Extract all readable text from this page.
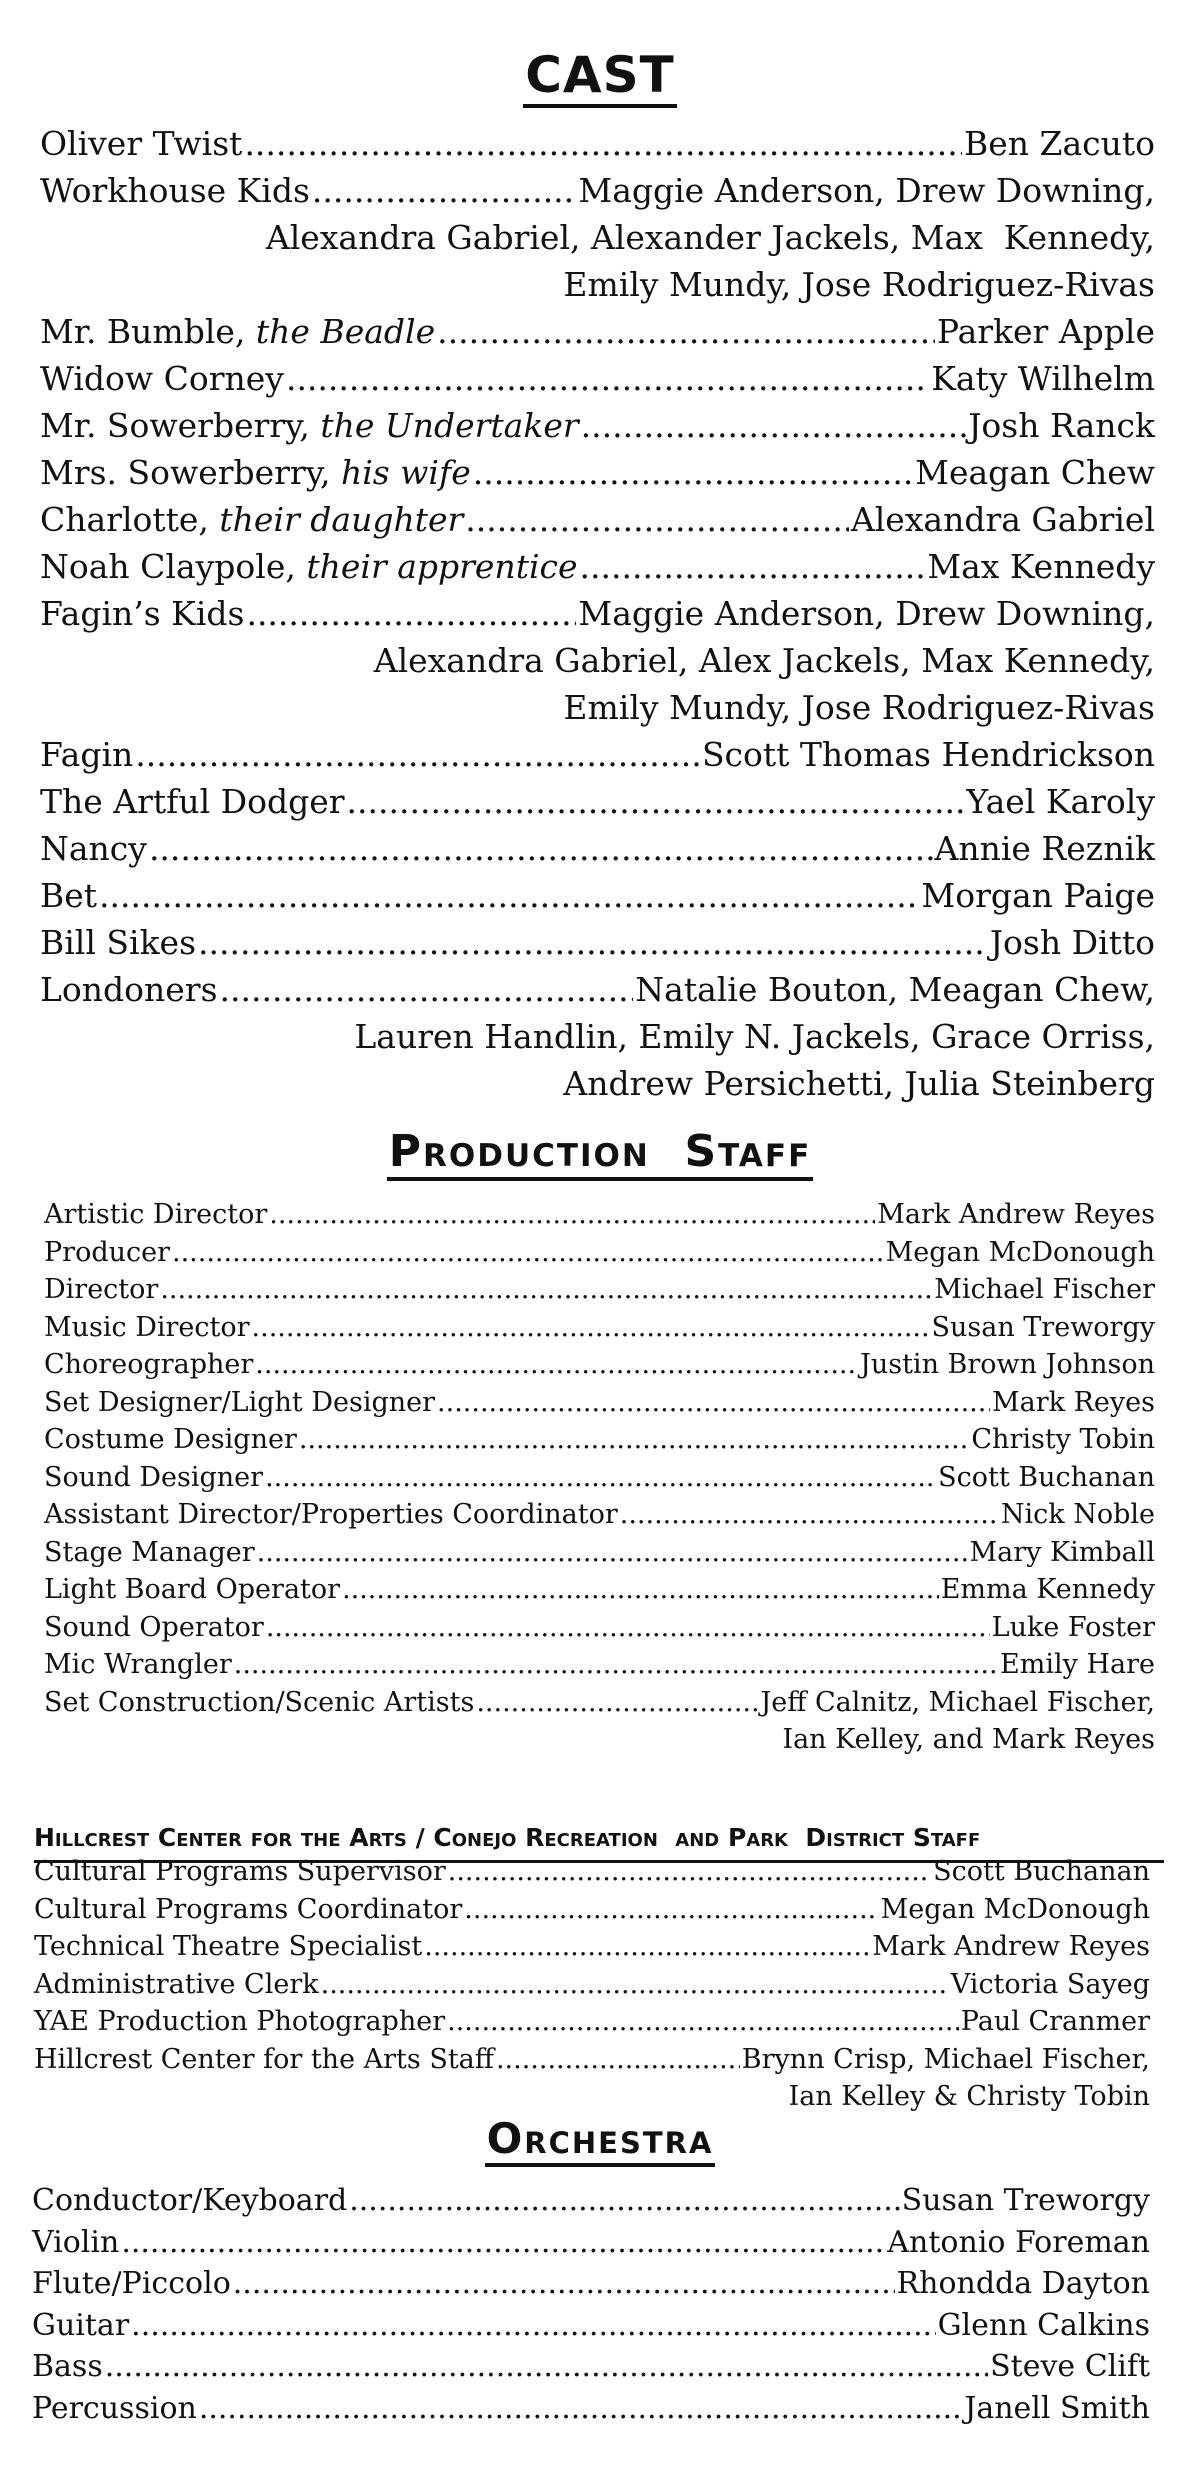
CAST
Oliver Twist .....	Ben Zacuto
Workhouse Kids .....	Maggie Anderson, Drew Downing,
Alexandra Gabriel, Alexander Jackels, Max  Kennedy,
Emily Mundy, Jose Rodriguez-Rivas
Mr. Bumble, the Beadle .....	Parker Apple
Widow Corney .....	Katy Wilhelm
Mr. Sowerberry, the Undertaker .....	Josh Ranck
Mrs. Sowerberry, his wife .....	Meagan Chew
Charlotte, their daughter .....	Alexandra Gabriel
Noah Claypole, their apprentice .....	Max Kennedy
Fagin’s Kids .....	Maggie Anderson, Drew Downing,
Alexandra Gabriel, Alex Jackels, Max Kennedy,
Emily Mundy, Jose Rodriguez-Rivas
Fagin .....	Scott Thomas Hendrickson
The Artful Dodger .....	Yael Karoly
Nancy .....	Annie Reznik
Bet .....	Morgan Paige
Bill Sikes .....	Josh Ditto
Londoners .....	Natalie Bouton, Meagan Chew,
Lauren Handlin, Emily N. Jackels, Grace Orriss,
Andrew Persichetti, Julia Steinberg
Production  Staff
Artistic Director .....	Mark Andrew Reyes
Producer .....	Megan McDonough
Director .....	Michael Fischer
Music Director .....	Susan Treworgy
Choreographer .....	Justin Brown Johnson
Set Designer/Light Designer .....	Mark Reyes
Costume Designer .....	Christy Tobin
Sound Designer .....	Scott Buchanan
Assistant Director/Properties Coordinator .....	Nick Noble
Stage Manager .....	Mary Kimball
Light Board Operator .....	Emma Kennedy
Sound Operator .....	Luke Foster
Mic Wrangler .....	Emily Hare
Set Construction/Scenic Artists .....	Jeff Calnitz, Michael Fischer,
Ian Kelley, and Mark Reyes
Hillcrest Center for the Arts / Conejo Recreation  and Park  District Staff
Cultural Programs Supervisor .....	Scott Buchanan
Cultural Programs Coordinator .....	Megan McDonough
Technical Theatre Specialist .....	Mark Andrew Reyes
Administrative Clerk .....	Victoria Sayeg
YAE Production Photographer .....	Paul Cranmer
Hillcrest Center for the Arts Staff .....	Brynn Crisp, Michael Fischer,
Ian Kelley & Christy Tobin
Orchestra
Conductor/Keyboard .....	Susan Treworgy
Violin .....	Antonio Foreman
Flute/Piccolo .....	Rhondda Dayton
Guitar .....	Glenn Calkins
Bass .....	Steve Clift
Percussion .....	Janell Smith
